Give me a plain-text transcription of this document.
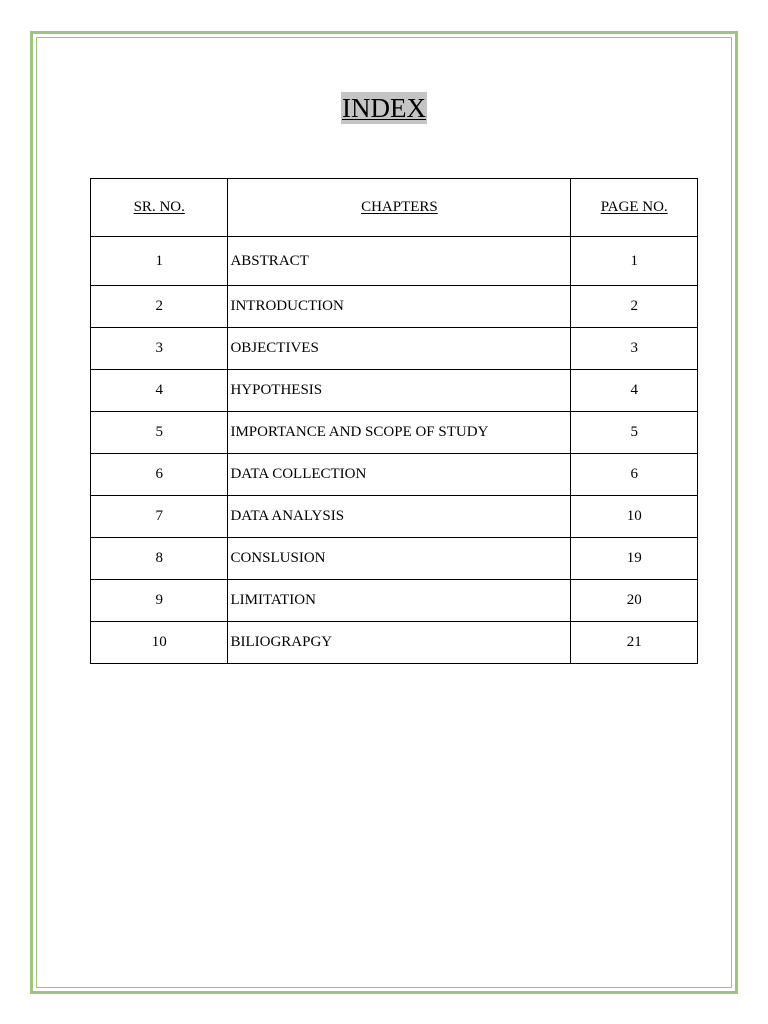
INDEX
SR. NO.	CHAPTERS	PAGE NO.
1	ABSTRACT	1
2	INTRODUCTION	2
3	OBJECTIVES	3
4	HYPOTHESIS	4
5	IMPORTANCE AND SCOPE OF STUDY	5
6	DATA COLLECTION	6
7	DATA ANALYSIS	10
8	CONSLUSION	19
9	LIMITATION	20
10	BILIOGRAPGY	21
